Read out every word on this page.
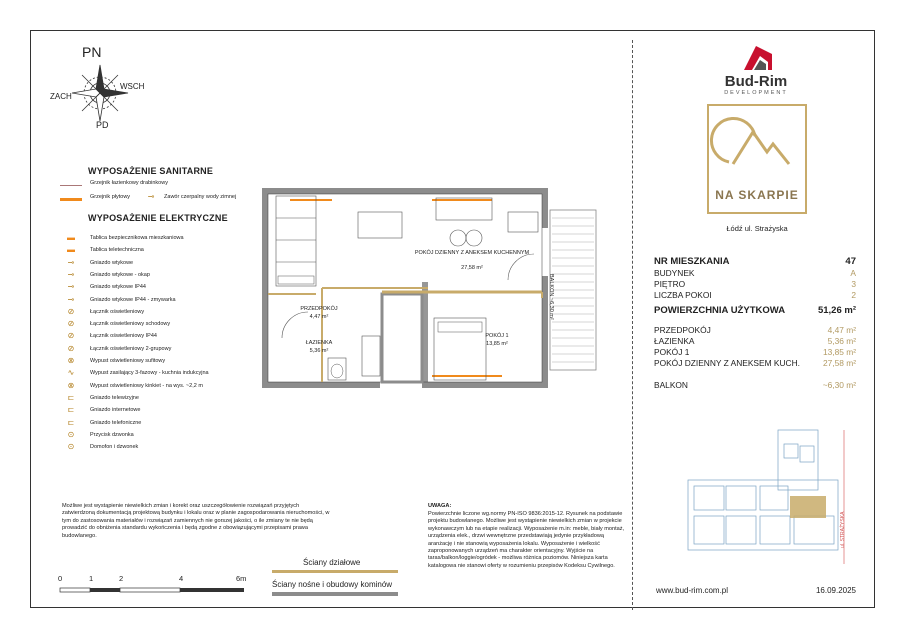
PN
ZACH
WSCH
PD
WYPOSAŻENIE SANITARNE
Grzejnik łazienkowy drabinkowy
Grzejnik płytowy	⊸	Zawór czerpalny wody zimnej
WYPOSAŻENIE ELEKTRYCZNE
▬	Tablica bezpiecznikowa mieszkaniowa
▬	Tablica teletechniczna
⊸	Gniazdo wtykowe
⊸	Gniazdo wtykowe - okap
⊸	Gniazdo wtykowe IP44
⊸	Gniazdo wtykowe IP44 - zmywarka
⊘	Łącznik oświetleniowy
⊘	Łącznik oświetleniowy schodowy
⊘	Łącznik oświetleniowy IP44
⊘	Łącznik oświetleniowy 2-grupowy
⊗	Wypust oświetleniowy sufitowy
∿	Wypust zasilający 3-fazowy - kuchnia indukcyjna
⊗	Wypust oświetleniowy kinkiet - na wys. ~2,2 m
⊏	Gniazdo telewizyjne
⊏	Gniazdo internetowe
⊏	Gniazdo telefoniczne
⊙	Przycisk dzwonka
⊙	Domofon i dzwonek
Możliwe jest wystąpienie niewielkich zmian i korekt oraz uszczegółowienie rozwiązań przyjętych zatwierdzoną dokumentacją projektową budynku i lokalu oraz w planie zagospodarowania nieruchomości, w tym do zastosowania materiałów i rozwiązań zamiennych nie gorszej jakości, o ile zmiany te nie będą prowadzić do obniżenia standardu wykończenia i będą zgodne z obowiązującymi przepisami prawa budowlanego.
0	1	2	4	6m
Ściany działowe
Ściany nośne i obudowy kominów
UWAGA:
Powierzchnie liczone wg.normy PN-ISO 9836:2015-12. Rysunek na podstawie projektu budowlanego. Możliwe jest wystąpienie niewielkich zmian w projekcie wykonawczym lub na etapie realizacji. Wyposażenie m.in: meble, biały montaż, urządzenia elek., drzwi wewnętrzne przedstawiają jedynie przykładową aranżację i nie stanowią wyposażenia lokalu. Wyposażenie i wielkość zaproponowanych urządzeń ma charakter orientacyjny. Wyjście na taras/balkon/loggie/ogródek - możliwa różnica poziomów. Niniejsza karta katalogowa nie stanowi oferty w rozumieniu przepisów Kodeksu Cywilnego.
POKÓJ DZIENNY Z ANEKSEM KUCHENNYM
27,58 m²
PRZEDPOKÓJ
4,47 m²
ŁAZIENKA
5,36 m²
POKÓJ 1
13,85 m²
BALKON ~6,30 m²
Bud-Rim
DEVELOPMENT
NA SKARPIE
Łódź ul. Strażyska
NR MIESZKANIA	47
BUDYNEK	A
PIĘTRO	3
LICZBA POKOI	2
POWIERZCHNIA UŻYTKOWA	51,26 m²
PRZEDPOKÓJ	4,47 m²
ŁAZIENKA	5,36 m²
POKÓJ 1	13,85 m²
POKÓJ DZIENNY Z ANEKSEM KUCH.	27,58 m²
BALKON	~6,30 m²
ul. STRAŻYSKA
www.bud-rim.com.pl	16.09.2025
